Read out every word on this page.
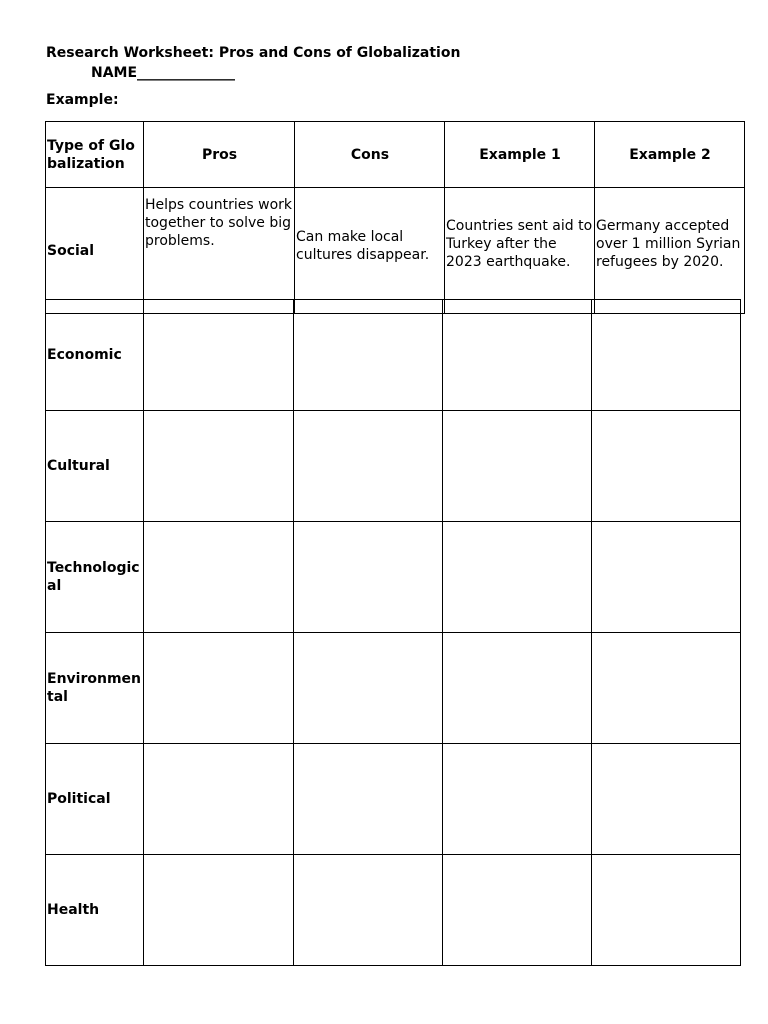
Research Worksheet: Pros and Cons of Globalization
NAME______________
Example:
Type of Globalization	Pros	Cons	Example 1	Example 2
Social	Helps countries work together to solve big problems.	Can make local cultures disappear.	Countries sent aid to Turkey after the 2023 earthquake.	Germany accepted over 1 million Syrian refugees by 2020.
Economic				
Cultural				
Technological				
Environmental				
Political				
Health				
